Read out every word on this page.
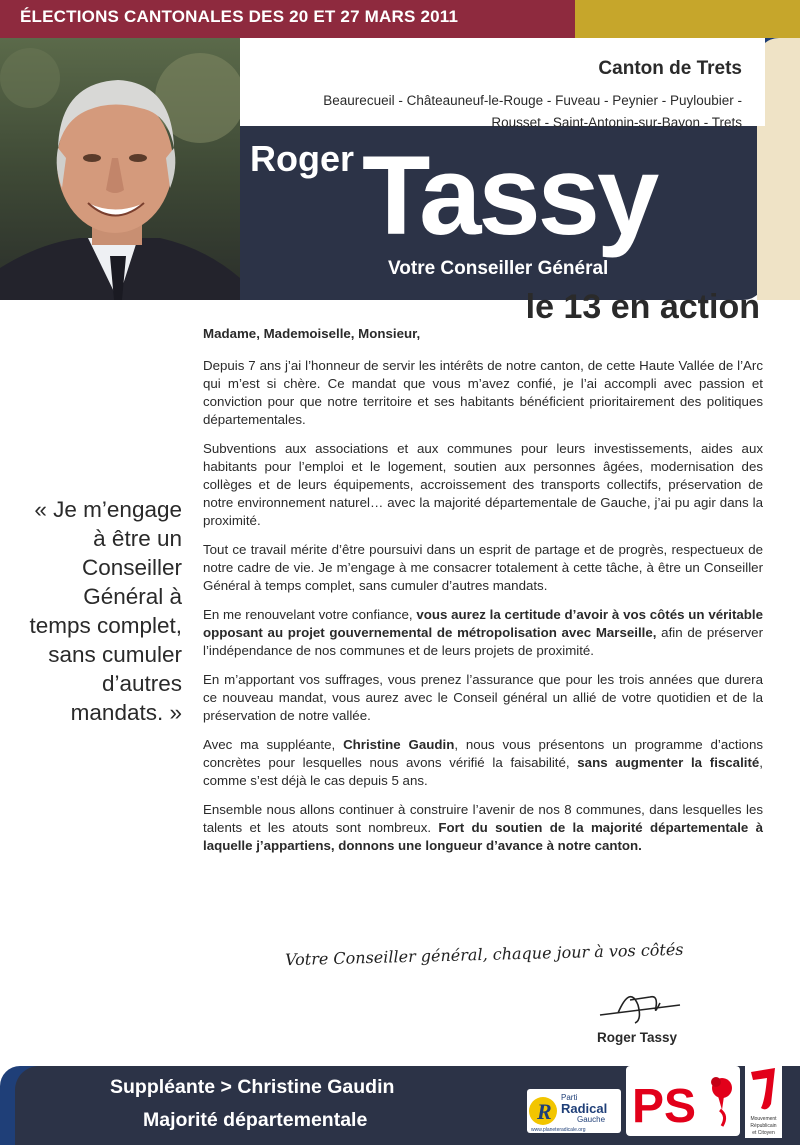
ÉLECTIONS CANTONALES DES 20 ET 27 MARS 2011
Canton de Trets
Beaurecueil - Châteauneuf-le-Rouge - Fuveau - Peynier - Puyloubier -
Rousset - Saint-Antonin-sur-Bayon - Trets
Roger Tassy
Votre Conseiller Général
le 13 en action
« Je m’engage à être un Conseiller Général à temps complet, sans cumuler d’autres mandats. »

Madame, Mademoiselle, Monsieur,

Depuis 7 ans j’ai l’honneur de servir les intérêts de notre canton, de cette Haute Vallée de l’Arc qui m’est si chère. Ce mandat que vous m’avez confié, je l’ai accompli avec passion et conviction pour que notre territoire et ses habitants bénéficient prioritairement des politiques départementales.

Subventions aux associations et aux communes pour leurs investissements, aides aux habitants pour l’emploi et le logement, soutien aux personnes âgées, modernisation des collèges et de leurs équipements, accroissement des transports collectifs, préservation de notre environnement naturel… avec la majorité départementale de Gauche, j’ai pu agir dans la proximité.

Tout ce travail mérite d’être poursuivi dans un esprit de partage et de progrès, respectueux de notre cadre de vie. Je m’engage à me consacrer totalement à cette tâche, à être un Conseiller Général à temps complet, sans cumuler d’autres mandats.

En me renouvelant votre confiance, vous aurez la certitude d’avoir à vos côtés un véritable opposant au projet gouvernemental de métropolisation avec Marseille, afin de préserver l’indépendance de nos communes et de leurs projets de proximité.

En m’apportant vos suffrages, vous prenez l’assurance que pour les trois années que durera ce nouveau mandat, vous aurez avec le Conseil général un allié de votre quotidien et de la préservation de notre vallée.

Avec ma suppléante, Christine Gaudin, nous vous présentons un programme d’actions concrètes pour lesquelles nous avons vérifié la faisabilité, sans augmenter la fiscalité, comme s’est déjà le cas depuis 5 ans.

Ensemble nous allons continuer à construire l’avenir de nos 8 communes, dans lesquelles les talents et les atouts sont nombreux. Fort du soutien de la majorité départementale à laquelle j’appartiens, donnons une longueur d’avance à notre canton.

Votre Conseiller général, chaque jour à vos côtés
Roger Tassy
Suppléante > Christine Gaudin
Majorité départementale	R
Parti
Radical
Gauche
www.planeteradicale.org PS	Mouvement
Républicain
et Citoyen
